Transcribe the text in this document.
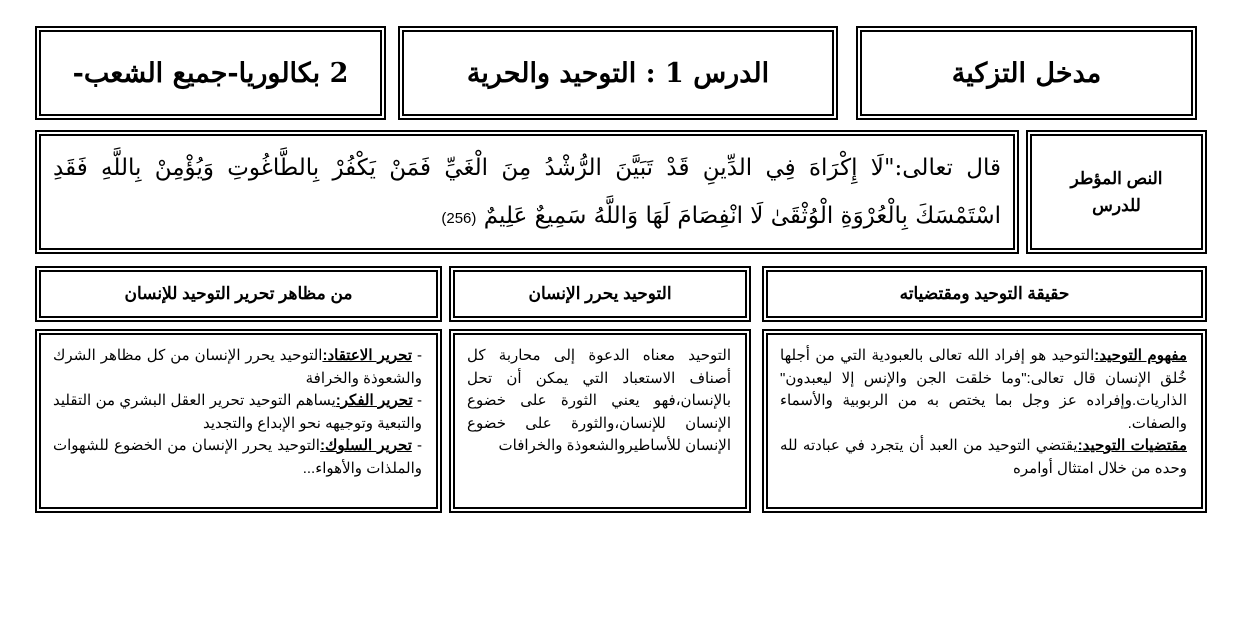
مدخل التزكية
الدرس 1 : التوحيد والحرية
2 بكالوريا-جميع الشعب-
النص المؤطر للدرس
قال تعالى:"لَا إِكْرَاهَ فِي الدِّينِ قَدْ تَبَيَّنَ الرُّشْدُ مِنَ الْغَيِّ فَمَنْ يَكْفُرْ بِالطَّاغُوتِ وَيُؤْمِنْ بِاللَّهِ فَقَدِ اسْتَمْسَكَ بِالْعُرْوَةِ الْوُثْقَىٰ لَا انْفِصَامَ لَهَا وَاللَّهُ سَمِيعٌ عَلِيمٌ (256)
حقيقة التوحيد ومقتضياته
التوحيد يحرر الإنسان
من مظاهر تحرير التوحيد للإنسان

مفهوم التوحيد:التوحيد هو إفراد الله تعالى بالعبودية التي من أجلها خُلق الإنسان قال تعالى:"وما خلقت الجن والإنس إلا ليعبدون" الذاريات.وإفراده عز وجل بما يختص به من الربوبية والأسماء والصفات.

مقتضيات التوحيد:يقتضي التوحيد من العبد أن يتجرد في عبادته لله وحده من خلال امتثال أوامره

التوحيد معناه الدعوة إلى محاربة كل أصناف الاستعباد التي يمكن أن تحل بالإنسان،فهو يعني الثورة على خضوع الإنسان للإنسان،والثورة على خضوع الإنسان للأساطيروالشعوذة والخرافات

- تحرير الاعتقاد:التوحيد يحرر الإنسان من كل مظاهر الشرك والشعوذة والخرافة

- تحرير الفكر:يساهم التوحيد تحرير العقل البشري من التقليد والتبعية وتوجيهه نحو الإبداع والتجديد

- تحرير السلوك:التوحيد يحرر الإنسان من الخضوع للشهوات والملذات والأهواء...
